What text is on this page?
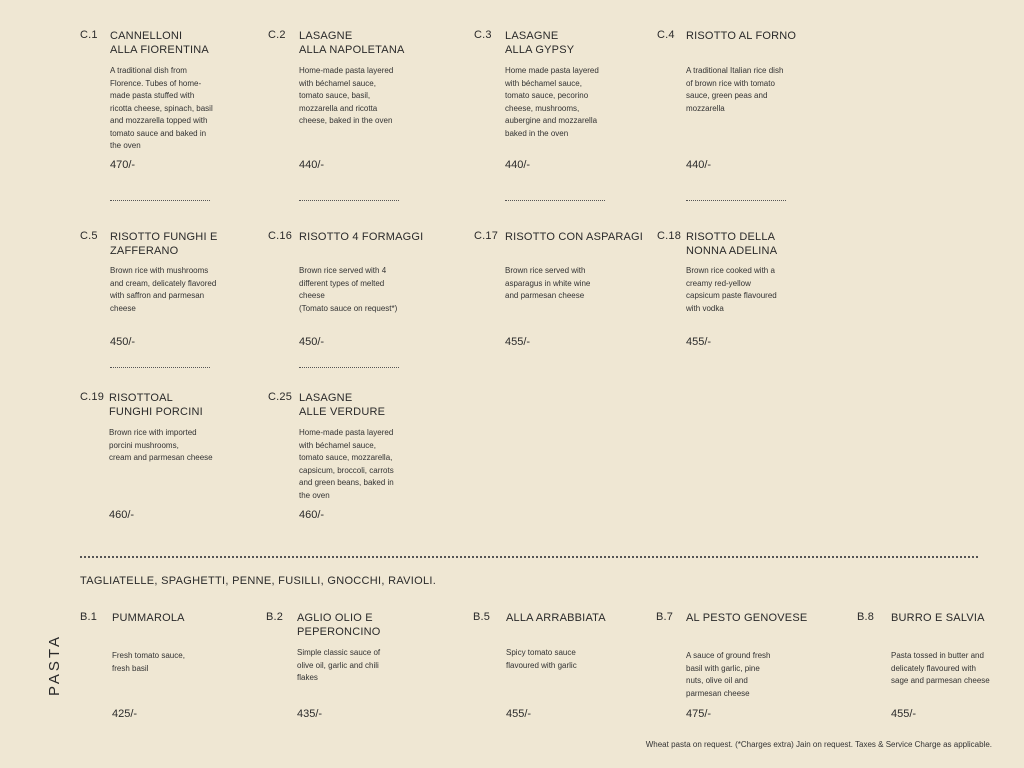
C.1 CANNELLONI
ALLA FIORENTINA
A traditional dish from
Florence. Tubes of home-
made pasta stuffed with
ricotta cheese, spinach, basil
and mozzarella topped with
tomato sauce and baked in
the oven
470/-
C.2 LASAGNE
ALLA NAPOLETANA
Home-made pasta layered
with béchamel sauce,
tomato sauce, basil,
mozzarella and ricotta
cheese, baked in the oven
440/-
C.3 LASAGNE
ALLA GYPSY
Home made pasta layered
with béchamel sauce,
tomato sauce, pecorino
cheese, mushrooms,
aubergine and mozzarella
baked in the oven
440/-
C.4 RISOTTO AL FORNO
A traditional Italian rice dish
of brown rice with tomato
sauce, green peas and
mozzarella
440/-
C.5 RISOTTO FUNGHI E
ZAFFERANO
Brown rice with mushrooms
and cream, delicately flavored
with saffron and parmesan
cheese
450/-
C.16 RISOTTO 4 FORMAGGI
Brown rice served with 4
different types of melted
cheese
(Tomato sauce on request*)
450/-
C.17 RISOTTO CON ASPARAGI
Brown rice served with
asparagus in white wine
and parmesan cheese
455/-
C.18 RISOTTO DELLA
NONNA ADELINA
Brown rice cooked with a
creamy red-yellow
capsicum paste flavoured
with vodka
455/-
C.19 RISOTTOAL
FUNGHI PORCINI
Brown rice with imported
porcini mushrooms,
cream and parmesan cheese
460/-
C.25 LASAGNE
ALLE VERDURE
Home-made pasta layered
with béchamel sauce,
tomato sauce, mozzarella,
capsicum, broccoli, carrots
and green beans, baked in
the oven
460/-
TAGLIATELLE, SPAGHETTI, PENNE, FUSILLI, GNOCCHI, RAVIOLI.
PASTA
B.1 PUMMAROLA
Fresh tomato sauce,
fresh basil
425/-
B.2 AGLIO OLIO E
PEPERONCINO
Simple classic sauce of
olive oil, garlic and chili
flakes
435/-
B.5 ALLA ARRABBIATA
Spicy tomato sauce
flavoured with garlic
455/-
B.7 AL PESTO GENOVESE
A sauce of ground fresh
basil with garlic, pine
nuts, olive oil and
parmesan cheese
475/-
B.8 BURRO E SALVIA
Pasta tossed in butter and
delicately flavoured with
sage and parmesan cheese
455/-
Wheat pasta on request. (*Charges extra) Jain on request. Taxes & Service Charge as applicable.
